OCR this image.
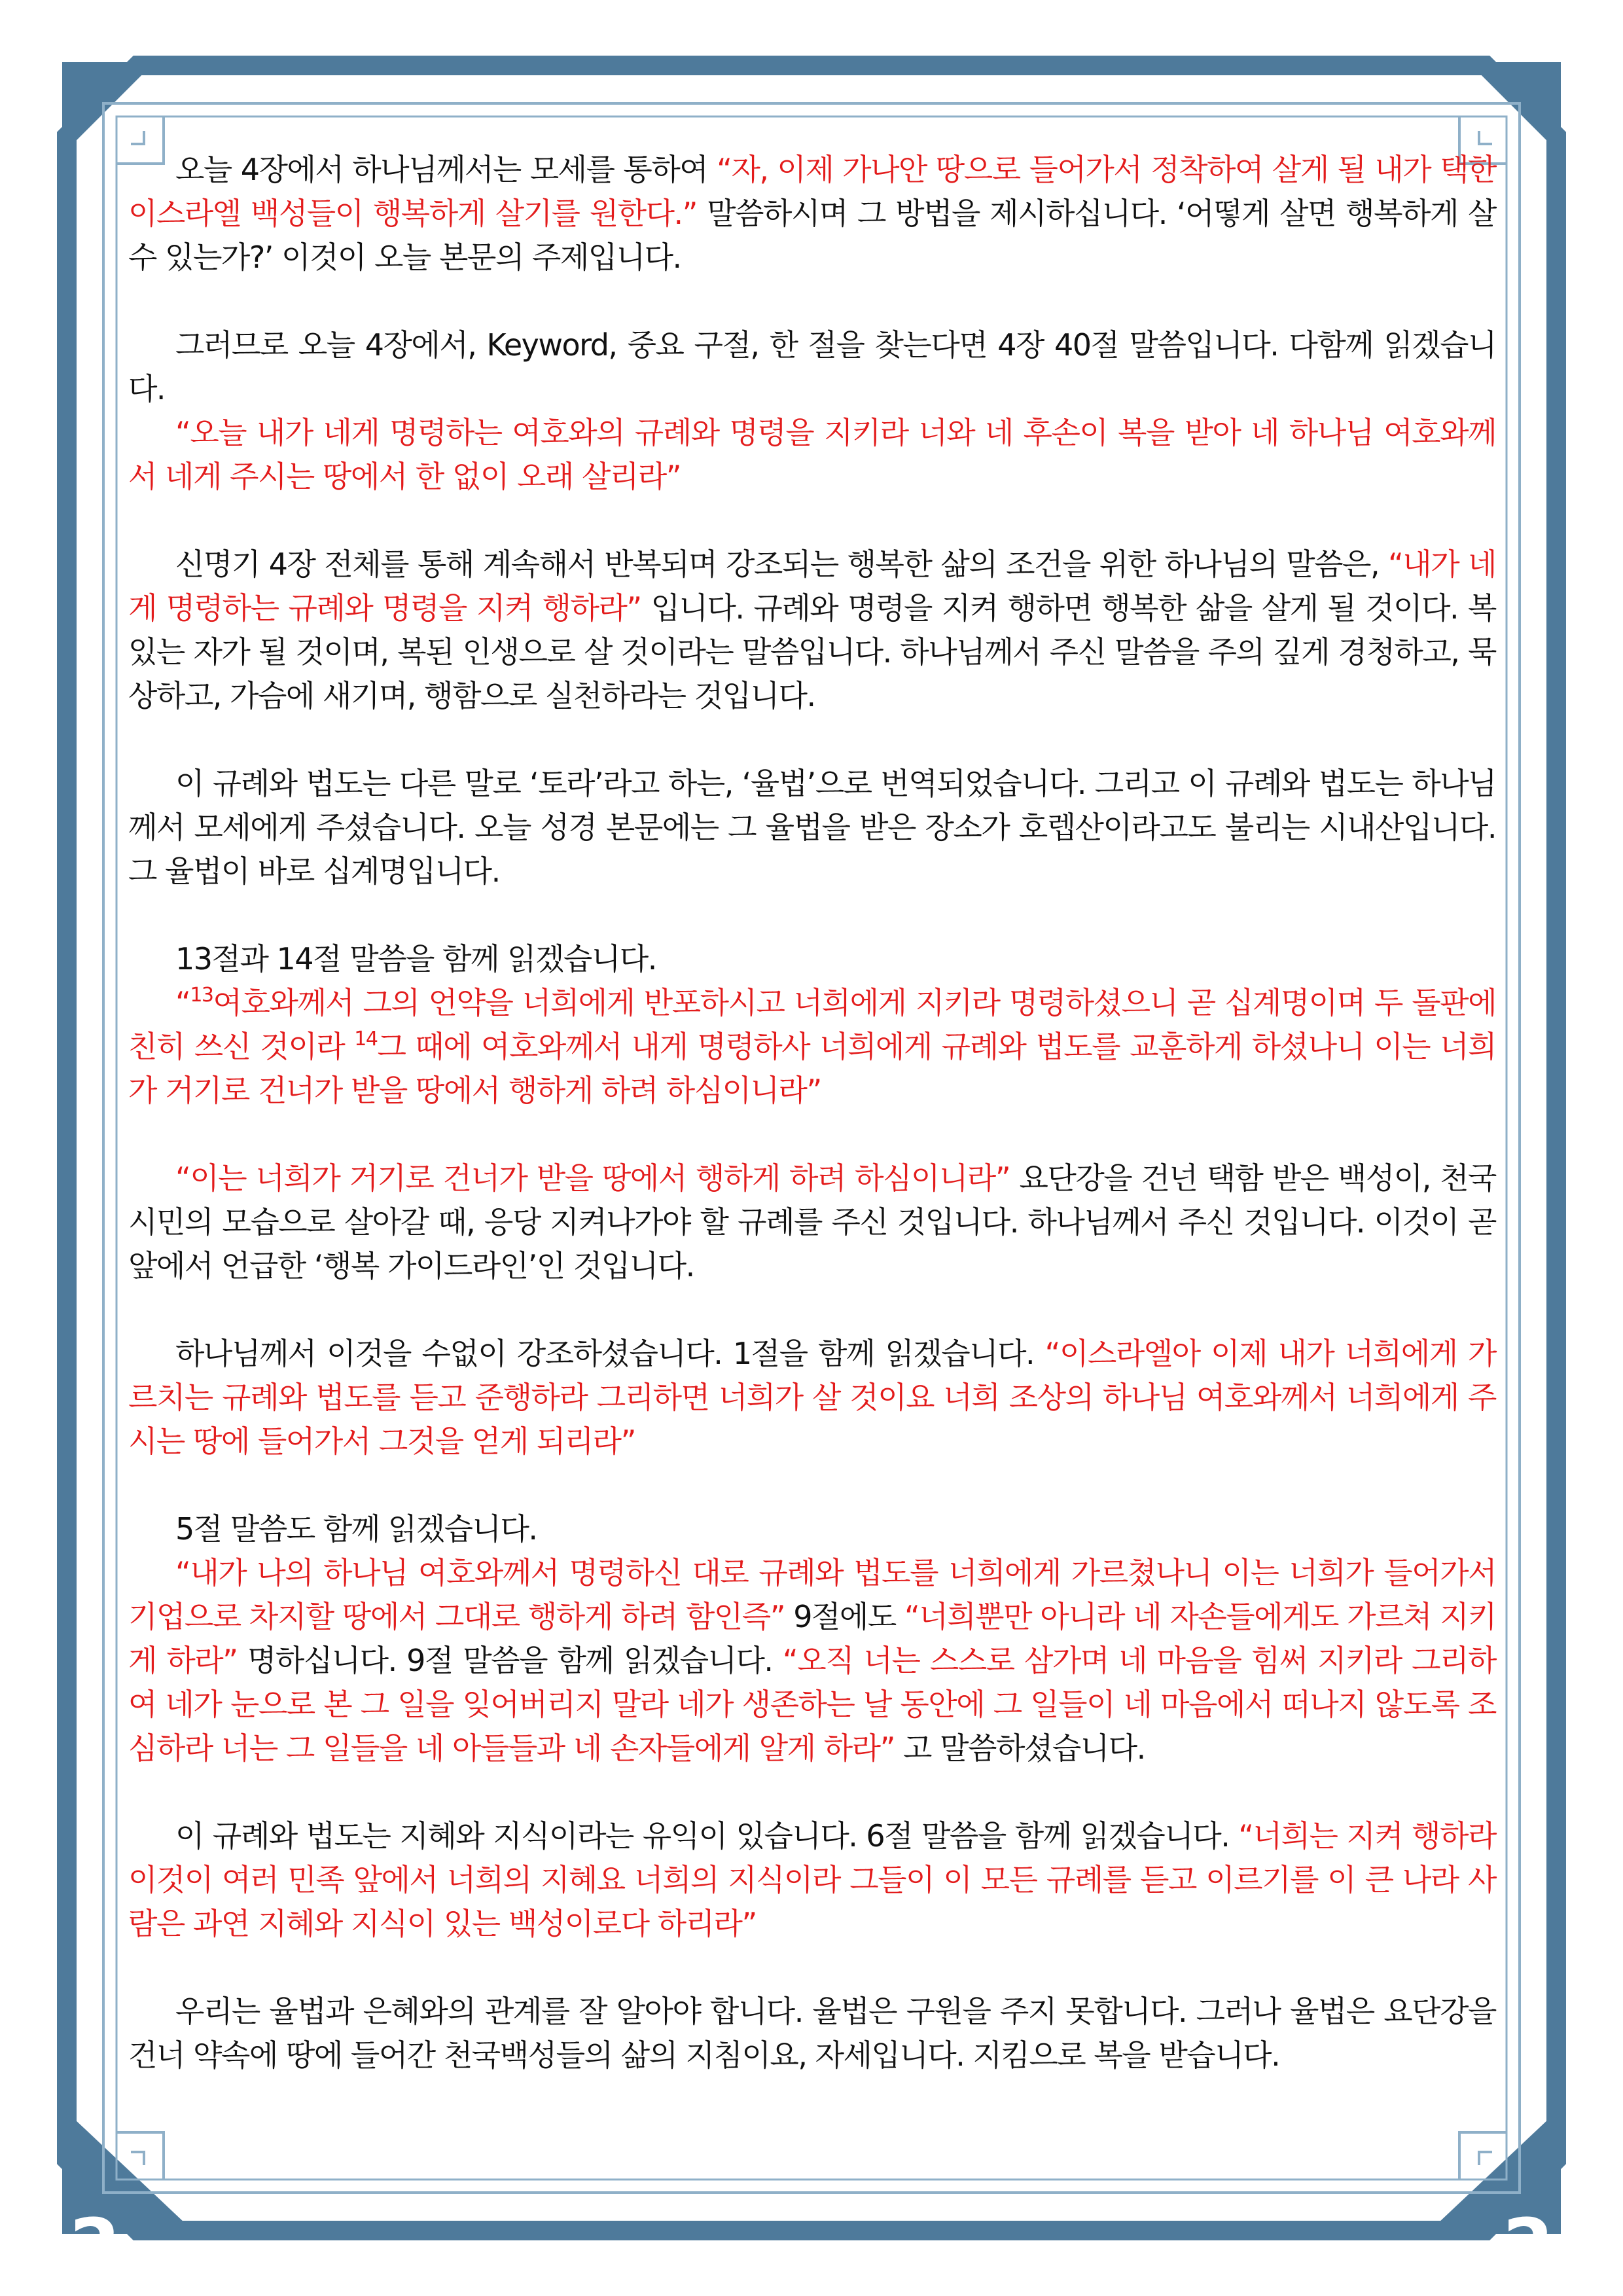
2	2

오늘 4장에서 하나님께서는 모세를 통하여 “자, 이제 가나안 땅으로 들어가서 정착하여 살게 될 내가 택한 이스라엘 백성들이 행복하게 살기를 원한다.” 말씀하시며 그 방법을 제시하십니다. ‘어떻게 살면 행복하게 살 수 있는가?’ 이것이 오늘 본문의 주제입니다.

그러므로 오늘 4장에서, Keyword, 중요 구절, 한 절을 찾는다면 4장 40절 말씀입니다. 다함께 읽겠습니다.
“오늘 내가 네게 명령하는 여호와의 규례와 명령을 지키라 너와 네 후손이 복을 받아 네 하나님 여호와께서 네게 주시는 땅에서 한 없이 오래 살리라”

신명기 4장 전체를 통해 계속해서 반복되며 강조되는 행복한 삶의 조건을 위한 하나님의 말씀은, “내가 네게 명령하는 규례와 명령을 지켜 행하라” 입니다. 규례와 명령을 지켜 행하면 행복한 삶을 살게 될 것이다. 복 있는 자가 될 것이며, 복된 인생으로 살 것이라는 말씀입니다. 하나님께서 주신 말씀을 주의 깊게 경청하고, 묵상하고, 가슴에 새기며, 행함으로 실천하라는 것입니다.

이 규례와 법도는 다른 말로 ‘토라’라고 하는, ‘율법’으로 번역되었습니다. 그리고 이 규례와 법도는 하나님께서 모세에게 주셨습니다. 오늘 성경 본문에는 그 율법을 받은 장소가 호렙산이라고도 불리는 시내산입니다. 그 율법이 바로 십계명입니다.

13절과 14절 말씀을 함께 읽겠습니다.
“$^{13}$여호와께서 그의 언약을 너희에게 반포하시고 너희에게 지키라 명령하셨으니 곧 십계명이며 두 돌판에 친히 쓰신 것이라 $^{14}$그 때에 여호와께서 내게 명령하사 너희에게 규례와 법도를 교훈하게 하셨나니 이는 너희가 거기로 건너가 받을 땅에서 행하게 하려 하심이니라”

“이는 너희가 거기로 건너가 받을 땅에서 행하게 하려 하심이니라” 요단강을 건넌 택함 받은 백성이, 천국 시민의 모습으로 살아갈 때, 응당 지켜나가야 할 규례를 주신 것입니다. 하나님께서 주신 것입니다. 이것이 곧 앞에서 언급한 ‘행복 가이드라인’인 것입니다.

하나님께서 이것을 수없이 강조하셨습니다. 1절을 함께 읽겠습니다. “이스라엘아 이제 내가 너희에게 가르치는 규례와 법도를 듣고 준행하라 그리하면 너희가 살 것이요 너희 조상의 하나님 여호와께서 너희에게 주시는 땅에 들어가서 그것을 얻게 되리라”

5절 말씀도 함께 읽겠습니다.
“내가 나의 하나님 여호와께서 명령하신 대로 규례와 법도를 너희에게 가르쳤나니 이는 너희가 들어가서 기업으로 차지할 땅에서 그대로 행하게 하려 함인즉” 9절에도 “너희뿐만 아니라 네 자손들에게도 가르쳐 지키게 하라” 명하십니다. 9절 말씀을 함께 읽겠습니다. “오직 너는 스스로 삼가며 네 마음을 힘써 지키라 그리하여 네가 눈으로 본 그 일을 잊어버리지 말라 네가 생존하는 날 동안에 그 일들이 네 마음에서 떠나지 않도록 조심하라 너는 그 일들을 네 아들들과 네 손자들에게 알게 하라” 고 말씀하셨습니다.

이 규례와 법도는 지혜와 지식이라는 유익이 있습니다. 6절 말씀을 함께 읽겠습니다. “너희는 지켜 행하라 이것이 여러 민족 앞에서 너희의 지혜요 너희의 지식이라 그들이 이 모든 규례를 듣고 이르기를 이 큰 나라 사람은 과연 지혜와 지식이 있는 백성이로다 하리라”

우리는 율법과 은혜와의 관계를 잘 알아야 합니다. 율법은 구원을 주지 못합니다. 그러나 율법은 요단강을 건너 약속에 땅에 들어간 천국백성들의 삶의 지침이요, 자세입니다. 지킴으로 복을 받습니다.
